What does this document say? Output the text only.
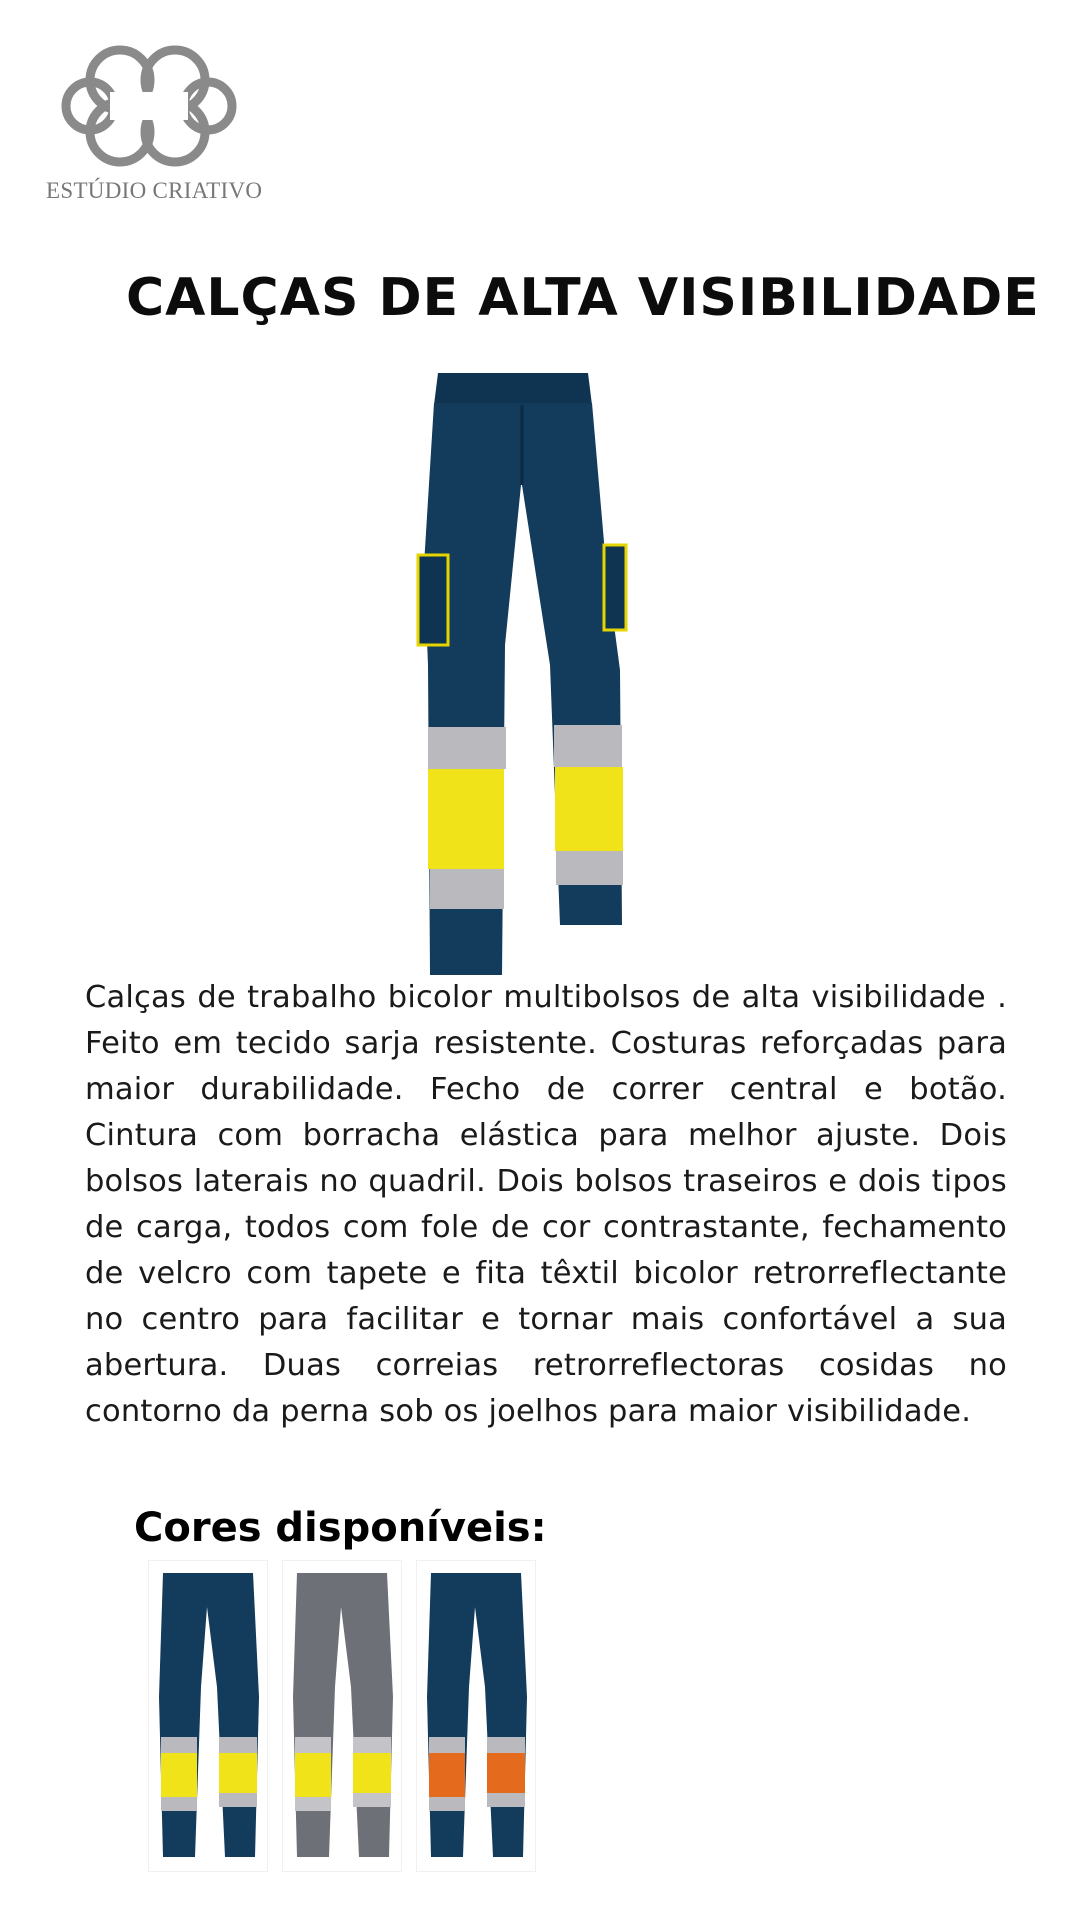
ESTÚDIO CRIATIVO
CALÇAS DE ALTA VISIBILIDADE
Calças de trabalho bicolor multibolsos de alta visibilidade . Feito em tecido sarja resistente. Costuras reforçadas para maior durabilidade. Fecho de correr central e botão. Cintura com borracha elástica para melhor ajuste. Dois bolsos laterais no quadril. Dois bolsos traseiros e dois tipos de carga, todos com fole de cor contrastante, fechamento de velcro com tapete e fita têxtil bicolor retrorreflectante no centro para facilitar e tornar mais confortável a sua abertura. Duas correias retrorreflectoras cosidas no contorno da perna sob os joelhos para maior visibilidade.
Cores disponíveis:
